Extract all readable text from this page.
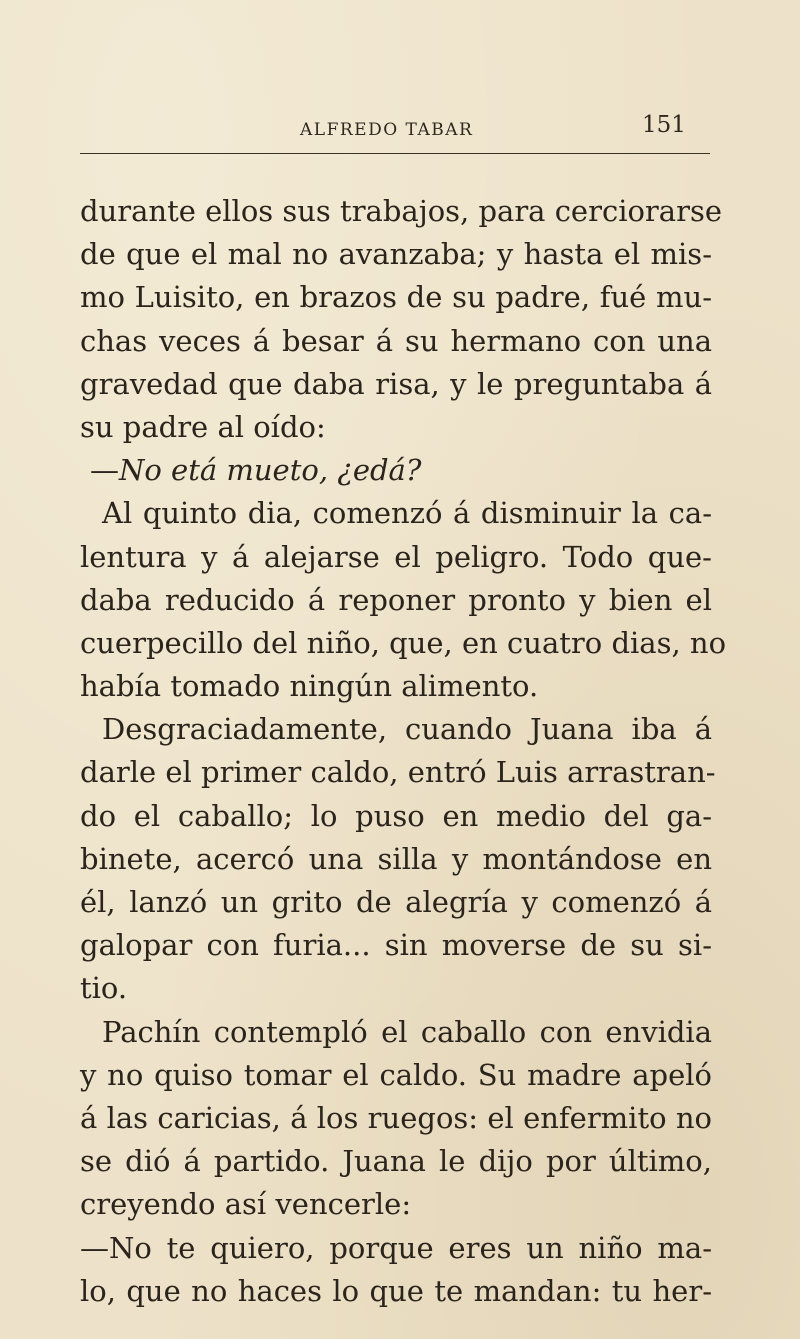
ALFREDO TABAR	151
durante ellos sus trabajos, para cerciorarse
de que el mal no avanzaba; y hasta el mis-
mo Luisito, en brazos de su padre, fué mu-
chas veces á besar á su hermano con una
gravedad que daba risa, y le preguntaba á
su padre al oído:
—No etá mueto, ¿edá?
Al quinto dia, comenzó á disminuir la ca-
lentura y á alejarse el peligro. Todo que-
daba reducido á reponer pronto y bien el
cuerpecillo del niño, que, en cuatro dias, no
había tomado ningún alimento.
Desgraciadamente, cuando Juana iba á
darle el primer caldo, entró Luis arrastran-
do el caballo; lo puso en medio del ga-
binete, acercó una silla y montándose en
él, lanzó un grito de alegría y comenzó á
galopar con furia... sin moverse de su si-
tio.
Pachín contempló el caballo con envidia
y no quiso tomar el caldo. Su madre apeló
á las caricias, á los ruegos: el enfermito no
se dió á partido. Juana le dijo por último,
creyendo así vencerle:
—No te quiero, porque eres un niño ma-
lo, que no haces lo que te mandan: tu her-
